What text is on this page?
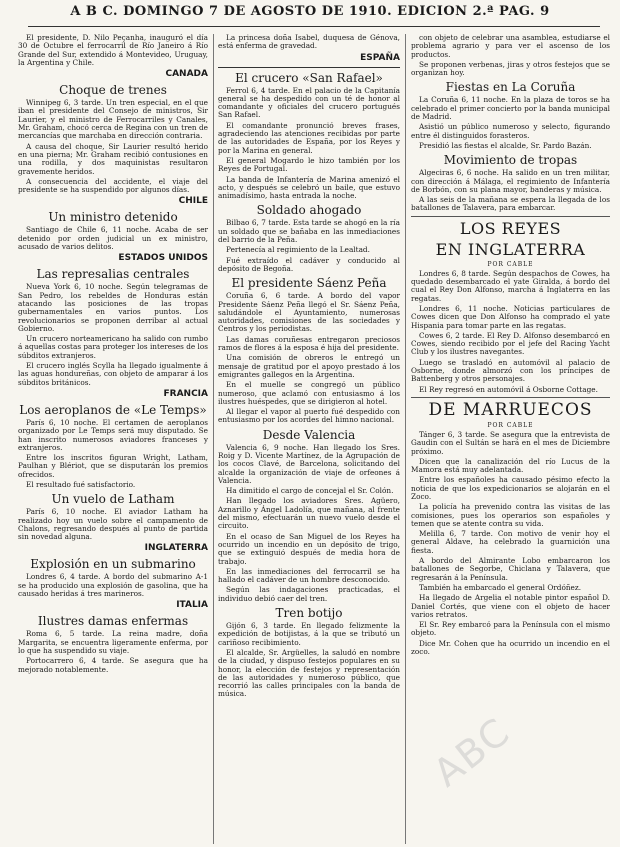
A B C. DOMINGO 7 DE AGOSTO DE 1910. EDICION 2.ª PAG. 9

El presidente, D. Nilo Peçanha, inauguró el día 30 de Octubre el ferrocarril de Río Janeiro á Río Grande del Sur, extendido á Montevideo, Uruguay, la Argentina y Chile.

CANADA
Choque de trenes

Winnipeg 6, 3 tarde. Un tren especial, en el que iban el presidente del Consejo de ministros, Sir Laurier, y el ministro de Ferrocarriles y Canales, Mr. Graham, chocó cerca de Regina con un tren de mercancías que marchaba en dirección contraria.

A causa del choque, Sir Laurier resultó herido en una pierna; Mr. Graham recibió contusiones en una rodilla, y dos maquinistas resultaron gravemente heridos.

A consecuencia del accidente, el viaje del presidente se ha suspendido por algunos días.

CHILE
Un ministro detenido

Santiago de Chile 6, 11 noche. Acaba de ser detenido por orden judicial un ex ministro, acusado de varios delitos.

ESTADOS UNIDOS
Las represalias centrales

Nueva York 6, 10 noche. Según telegramas de San Pedro, los rebeldes de Honduras están atacando las posiciones de las tropas gubernamentales en varios puntos. Los revolucionarios se proponen derribar al actual Gobierno.

Un crucero norteamericano ha salido con rumbo á aquellas costas para proteger los intereses de los súbditos extranjeros.

El crucero inglés Scylla ha llegado igualmente á las aguas hondureñas, con objeto de amparar á los súbditos británicos.

FRANCIA
Los aeroplanos de «Le Temps»

París 6, 10 noche. El certamen de aeroplanos organizado por Le Temps será muy disputado. Se han inscrito numerosos aviadores franceses y extranjeros.

Entre los inscritos figuran Wright, Latham, Paulhan y Blériot, que se disputarán los premios ofrecidos.

El resultado fué satisfactorio.

Un vuelo de Latham

París 6, 10 noche. El aviador Latham ha realizado hoy un vuelo sobre el campamento de Chalons, regresando después al punto de partida sin novedad alguna.

INGLATERRA
Explosión en un submarino

Londres 6, 4 tarde. A bordo del submarino A-1 se ha producido una explosión de gasolina, que ha causado heridas á tres marineros.

ITALIA
Ilustres damas enfermas

Roma 6, 5 tarde. La reina madre, doña Margarita, se encuentra ligeramente enferma, por lo que ha suspendido su viaje.

Portocarrero 6, 4 tarde. Se asegura que ha mejorado notablemente.

La princesa doña Isabel, duquesa de Génova, está enferma de gravedad.

ESPAÑA
El crucero «San Rafael»

Ferrol 6, 4 tarde. En el palacio de la Capitanía general se ha despedido con un té de honor al comandante y oficiales del crucero portugués San Rafael.

El comandante pronunció breves frases, agradeciendo las atenciones recibidas por parte de las autoridades de España, por los Reyes y por la Marina en general.

El general Mogardo le hizo también por los Reyes de Portugal.

La banda de Infantería de Marina amenizó el acto, y después se celebró un baile, que estuvo animadísimo, hasta entrada la noche.

Soldado ahogado

Bilbao 6, 7 tarde. Esta tarde se ahogó en la ría un soldado que se bañaba en las inmediaciones del barrio de la Peña.

Pertenecía al regimiento de la Lealtad.

Fué extraído el cadáver y conducido al depósito de Begoña.

El presidente Sáenz Peña

Coruña 6, 6 tarde. A bordo del vapor Presidente Sáenz Peña llegó el Sr. Sáenz Peña, saludándole el Ayuntamiento, numerosas autoridades, comisiones de las sociedades y Centros y los periodistas.

Las damas coruñesas entregaron preciosos ramos de flores á la esposa é hija del presidente.

Una comisión de obreros le entregó un mensaje de gratitud por el apoyo prestado á los emigrantes gallegos en la Argentina.

En el muelle se congregó un público numeroso, que aclamó con entusiasmo á los ilustres huéspedes, que se dirigieron al hotel.

Al llegar el vapor al puerto fué despedido con entusiasmo por los acordes del himno nacional.

Desde Valencia

Valencia 6, 9 noche. Han llegado los Sres. Roig y D. Vicente Martínez, de la Agrupación de los cocos Clavé, de Barcelona, solicitando del alcalde la organización de viaje de orfeones á Valencia.

Ha dimitido el cargo de concejal el Sr. Colón.

Han llegado los aviadores Sres. Agüero, Aznarillo y Ángel Ladolía, que mañana, al frente del mismo, efectuarán un nuevo vuelo desde el circuito.

En el ocaso de San Miguel de los Reyes ha ocurrido un incendio en un depósito de trigo, que se extinguió después de media hora de trabajo.

En las inmediaciones del ferrocarril se ha hallado el cadáver de un hombre desconocido.

Según las indagaciones practicadas, el individuo debió caer del tren.

Tren botijo

Gijón 6, 3 tarde. En llegado felizmente la expedición de botijistas, á la que se tributó un cariñoso recibimiento.

El alcalde, Sr. Argüelles, la saludó en nombre de la ciudad, y dispuso festejos populares en su honor, la elección de festejos y representación de las autoridades y numeroso público, que recorrió las calles principales con la banda de música.

con objeto de celebrar una asamblea, estudiarse el problema agrario y para ver el ascenso de los productos.

Se proponen verbenas, jiras y otros festejos que se organizan hoy.

Fiestas en La Coruña

La Coruña 6, 11 noche. En la plaza de toros se ha celebrado el primer concierto por la banda municipal de Madrid.

Asistió un público numeroso y selecto, figurando entre él distinguidos forasteros.

Presidió las fiestas el alcalde, Sr. Pardo Bazán.

Movimiento de tropas

Algeciras 6, 6 noche. Ha salido en un tren militar, con dirección á Málaga, el regimiento de Infantería de Borbón, con su plana mayor, banderas y música.

A las seis de la mañana se espera la llegada de los batallones de Talavera, para embarcar.

LOS REYES
EN INGLATERRA
POR CABLE

Londres 6, 8 tarde. Según despachos de Cowes, ha quedado desembarcado el yate Giralda, á bordo del cual el Rey Don Alfonso, marcha á Inglaterra en las regatas.

Londres 6, 11 noche. Noticias particulares de Cowes dicen que Don Alfonso ha comprado el yate Hispania para tomar parte en las regatas.

Cowes 6, 2 tarde. El Rey D. Alfonso desembarcó en Cowes, siendo recibido por el jefe del Racing Yacht Club y los ilustres navegantes.

Luego se trasladó en automóvil al palacio de Osborne, donde almorzó con los príncipes de Battenberg y otros personajes.

El Rey regresó en automóvil á Osborne Cottage.

DE MARRUECOS
POR CABLE

Tánger 6, 3 tarde. Se asegura que la entrevista de Gaudin con el Sultán se hará en el mes de Diciembre próximo.

Dicen que la canalización del río Lucus de la Mamora está muy adelantada.

Entre los españoles ha causado pésimo efecto la noticia de que los expedicionarios se alojarán en el Zoco.

La policía ha prevenido contra las visitas de las comisiones, pues los operarios son españoles y temen que se atente contra su vida.

Melilla 6, 7 tarde. Con motivo de venir hoy el general Aldave, ha celebrado la guarnición una fiesta.

A bordo del Almirante Lobo embarcaron los batallones de Segorbe, Chiclana y Talavera, que regresarán á la Península.

También ha embarcado el general Ordóñez.

Ha llegado de Argelia el notable pintor español D. Daniel Cortés, que viene con el objeto de hacer varios retratos.

El Sr. Rey embarcó para la Península con el mismo objeto.

Dice Mr. Cohen que ha ocurrido un incendio en el zoco.

ABC
